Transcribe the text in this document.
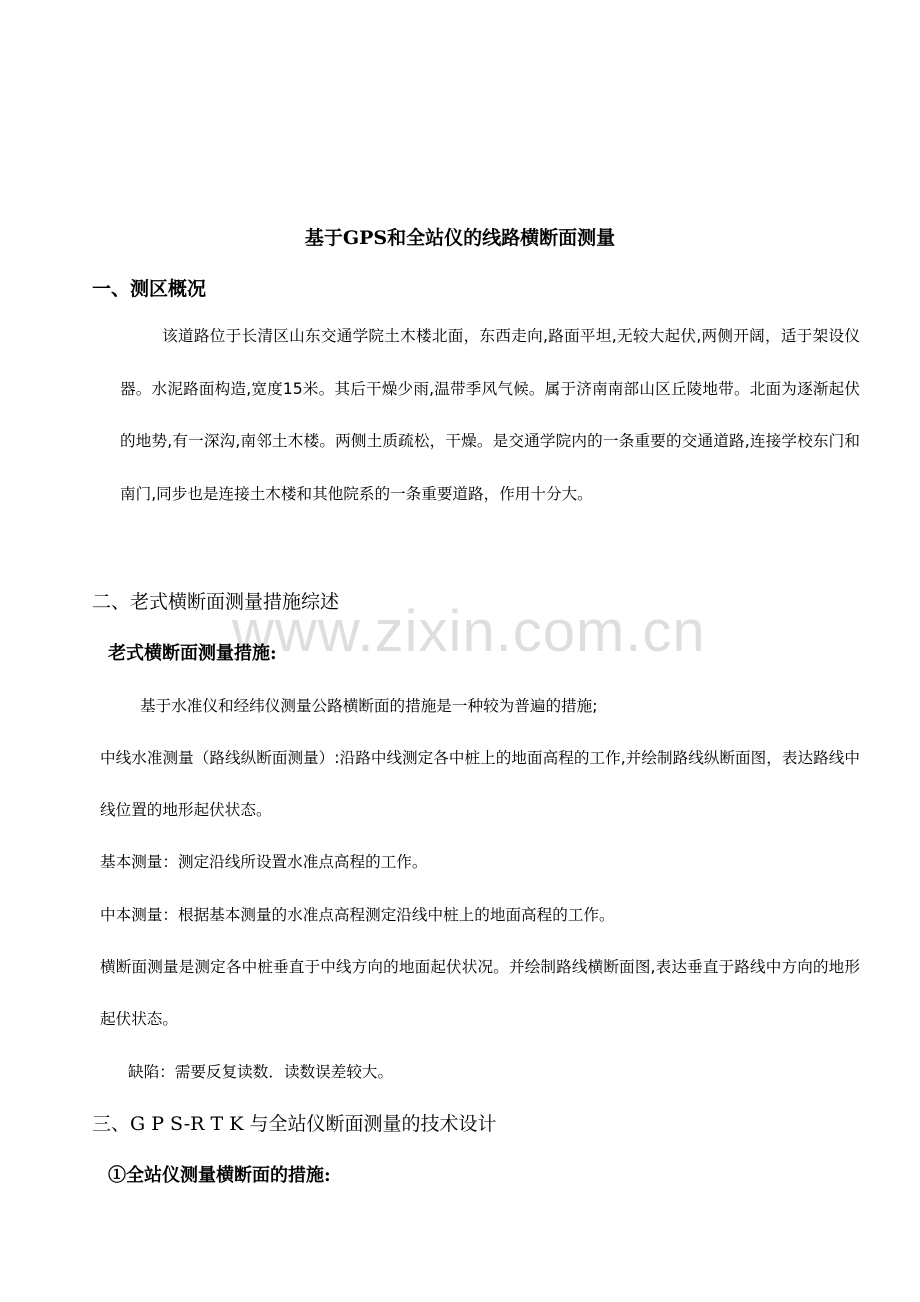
基于GPS和全站仪的线路横断面测量
一、测区概况
该道路位于长清区山东交通学院土木楼北面，东西走向,路面平坦,无较大起伏,两侧开阔，适于架设仪器。水泥路面构造,宽度15米。其后干燥少雨,温带季风气候。属于济南南部山区丘陵地带。北面为逐渐起伏的地势,有一深沟,南邻土木楼。两侧土质疏松，干燥。是交通学院内的一条重要的交通道路,连接学校东门和南门,同步也是连接土木楼和其他院系的一条重要道路，作用十分大。
二、老式横断面测量措施综述
老式横断面测量措施:
基于水准仪和经纬仪测量公路横断面的措施是一种较为普遍的措施;
中线水准测量（路线纵断面测量）:沿路中线测定各中桩上的地面高程的工作,并绘制路线纵断面图，表达路线中线位置的地形起伏状态。
基本测量：测定沿线所设置水准点高程的工作。
中本测量：根据基本测量的水准点高程测定沿线中桩上的地面高程的工作。
横断面测量是测定各中桩垂直于中线方向的地面起伏状况。并绘制路线横断面图,表达垂直于路线中方向的地形起伏状态。
缺陷：需要反复读数．读数误差较大。
三、G P S-R T K 与全站仪断面测量的技术设计
①全站仪测量横断面的措施:
www.zixin.com.cn
